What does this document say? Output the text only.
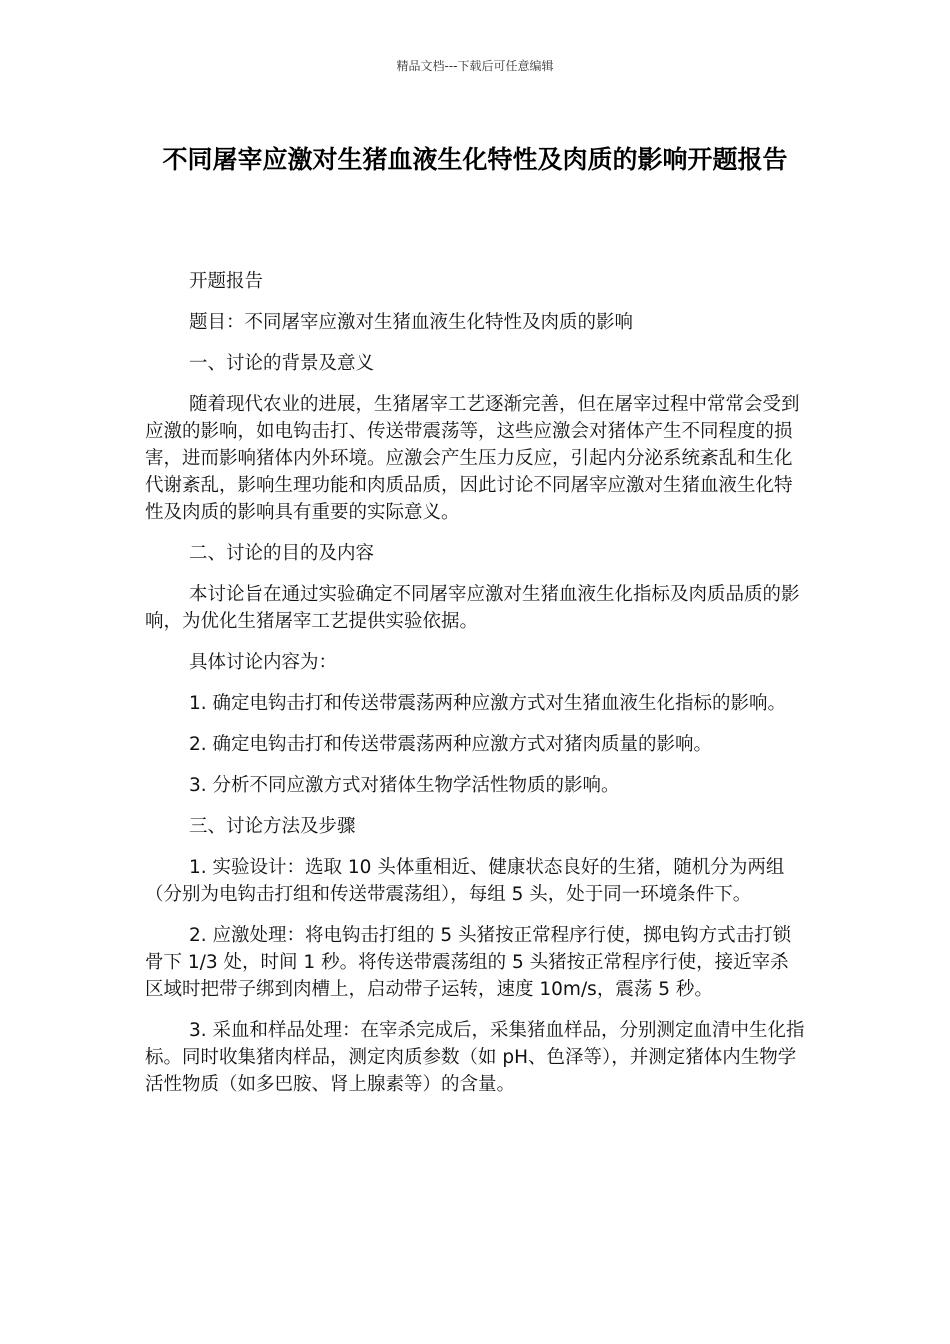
精品文档---下载后可任意编辑
不同屠宰应激对生猪血液生化特性及肉质的影响开题报告

开题报告

题目：不同屠宰应激对生猪血液生化特性及肉质的影响

一、讨论的背景及意义

随着现代农业的进展，生猪屠宰工艺逐渐完善，但在屠宰过程中常常会受到应激的影响，如电钩击打、传送带震荡等，这些应激会对猪体产生不同程度的损害，进而影响猪体内外环境。应激会产生压力反应，引起内分泌系统紊乱和生化代谢紊乱，影响生理功能和肉质品质，因此讨论不同屠宰应激对生猪血液生化特性及肉质的影响具有重要的实际意义。

二、讨论的目的及内容

本讨论旨在通过实验确定不同屠宰应激对生猪血液生化指标及肉质品质的影响，为优化生猪屠宰工艺提供实验依据。

具体讨论内容为：

1. 确定电钩击打和传送带震荡两种应激方式对生猪血液生化指标的影响。

2. 确定电钩击打和传送带震荡两种应激方式对猪肉质量的影响。

3. 分析不同应激方式对猪体生物学活性物质的影响。

三、讨论方法及步骤

1. 实验设计：选取 10 头体重相近、健康状态良好的生猪，随机分为两组（分别为电钩击打组和传送带震荡组），每组 5 头，处于同一环境条件下。

2. 应激处理：将电钩击打组的 5 头猪按正常程序行使，掷电钩方式击打锁骨下 1/3 处，时间 1 秒。将传送带震荡组的 5 头猪按正常程序行使，接近宰杀区域时把带子绑到肉槽上，启动带子运转，速度 10m/s，震荡 5 秒。

3. 采血和样品处理：在宰杀完成后，采集猪血样品，分别测定血清中生化指标。同时收集猪肉样品，测定肉质参数（如 pH、色泽等），并测定猪体内生物学活性物质（如多巴胺、肾上腺素等）的含量。
